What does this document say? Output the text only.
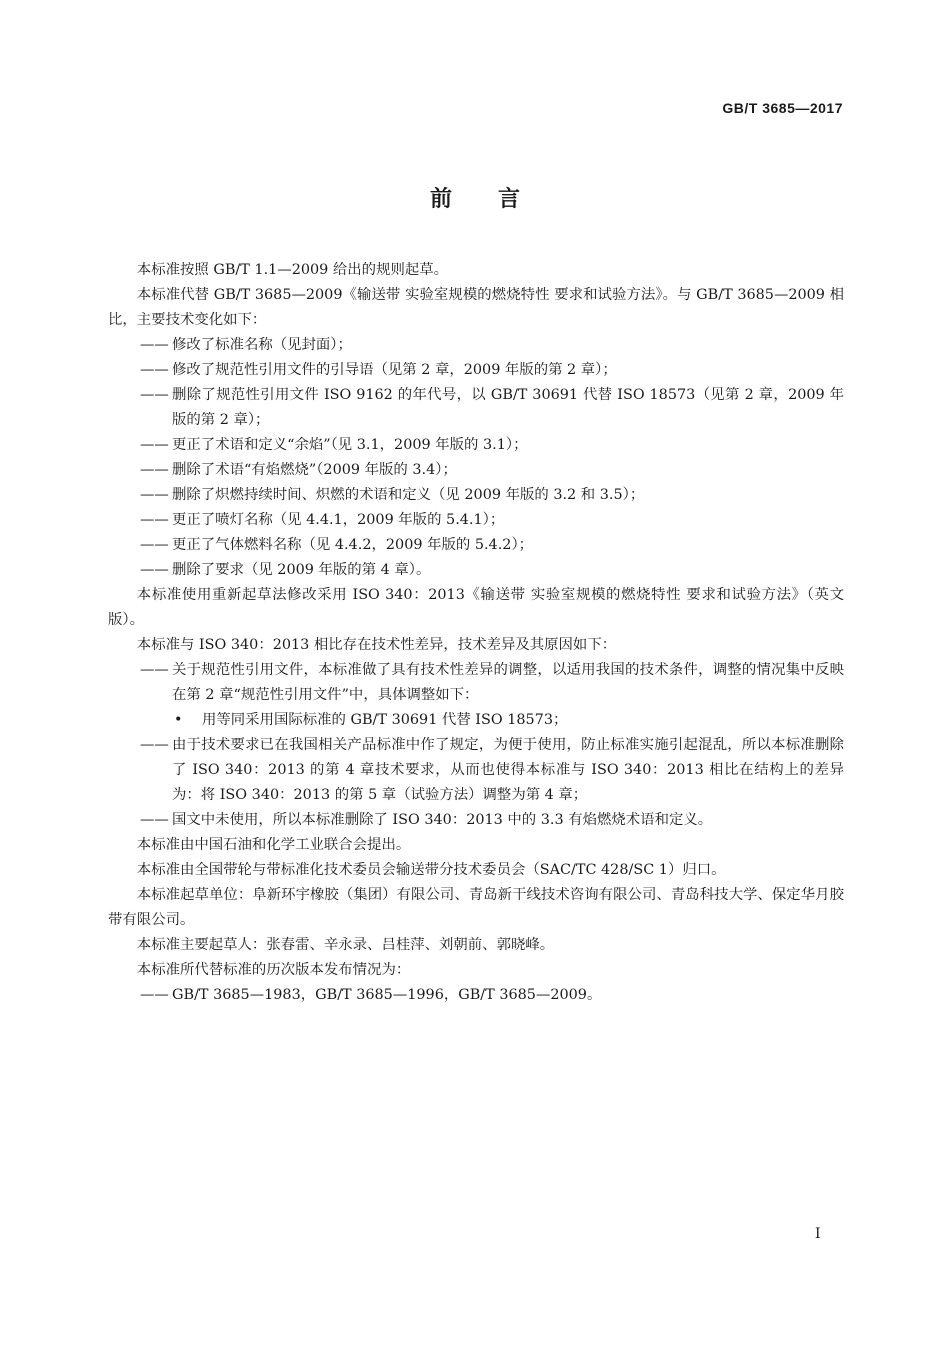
GB/T 3685—2017
前言

本标准按照 GB/T 1.1—2009 给出的规则起草。

本标准代替 GB/T 3685—2009《输送带 实验室规模的燃烧特性 要求和试验方法》。与 GB/T 3685—2009 相比，主要技术变化如下：

—— 修改了标准名称（见封面）；

—— 修改了规范性引用文件的引导语（见第 2 章，2009 年版的第 2 章）；

—— 删除了规范性引用文件 ISO 9162 的年代号，以 GB/T 30691 代替 ISO 18573（见第 2 章，2009 年版的第 2 章）；

—— 更正了术语和定义“余焰”（见 3.1，2009 年版的 3.1）；

—— 删除了术语“有焰燃烧”（2009 年版的 3.4）；

—— 删除了炽燃持续时间、炽燃的术语和定义（见 2009 年版的 3.2 和 3.5）；

—— 更正了喷灯名称（见 4.4.1，2009 年版的 5.4.1）；

—— 更正了气体燃料名称（见 4.4.2，2009 年版的 5.4.2）；

—— 删除了要求（见 2009 年版的第 4 章）。

本标准使用重新起草法修改采用 ISO 340：2013《输送带 实验室规模的燃烧特性 要求和试验方法》（英文版）。

本标准与 ISO 340：2013 相比存在技术性差异，技术差异及其原因如下：

—— 关于规范性引用文件，本标准做了具有技术性差异的调整，以适用我国的技术条件，调整的情况集中反映在第 2 章“规范性引用文件”中，具体调整如下：

• 用等同采用国际标准的 GB/T 30691 代替 ISO 18573；

—— 由于技术要求已在我国相关产品标准中作了规定，为便于使用，防止标准实施引起混乱，所以本标准删除了 ISO 340：2013 的第 4 章技术要求，从而也使得本标准与 ISO 340：2013 相比在结构上的差异为：将 ISO 340：2013 的第 5 章（试验方法）调整为第 4 章；

—— 国文中未使用，所以本标准删除了 ISO 340：2013 中的 3.3 有焰燃烧术语和定义。

本标准由中国石油和化学工业联合会提出。

本标准由全国带轮与带标准化技术委员会输送带分技术委员会（SAC/TC 428/SC 1）归口。

本标准起草单位：阜新环宇橡胶（集团）有限公司、青岛新干线技术咨询有限公司、青岛科技大学、保定华月胶带有限公司。

本标准主要起草人：张春雷、辛永录、吕桂萍、刘朝前、郭晓峰。

本标准所代替标准的历次版本发布情况为：

—— GB/T 3685—1983，GB/T 3685—1996，GB/T 3685—2009。

I
